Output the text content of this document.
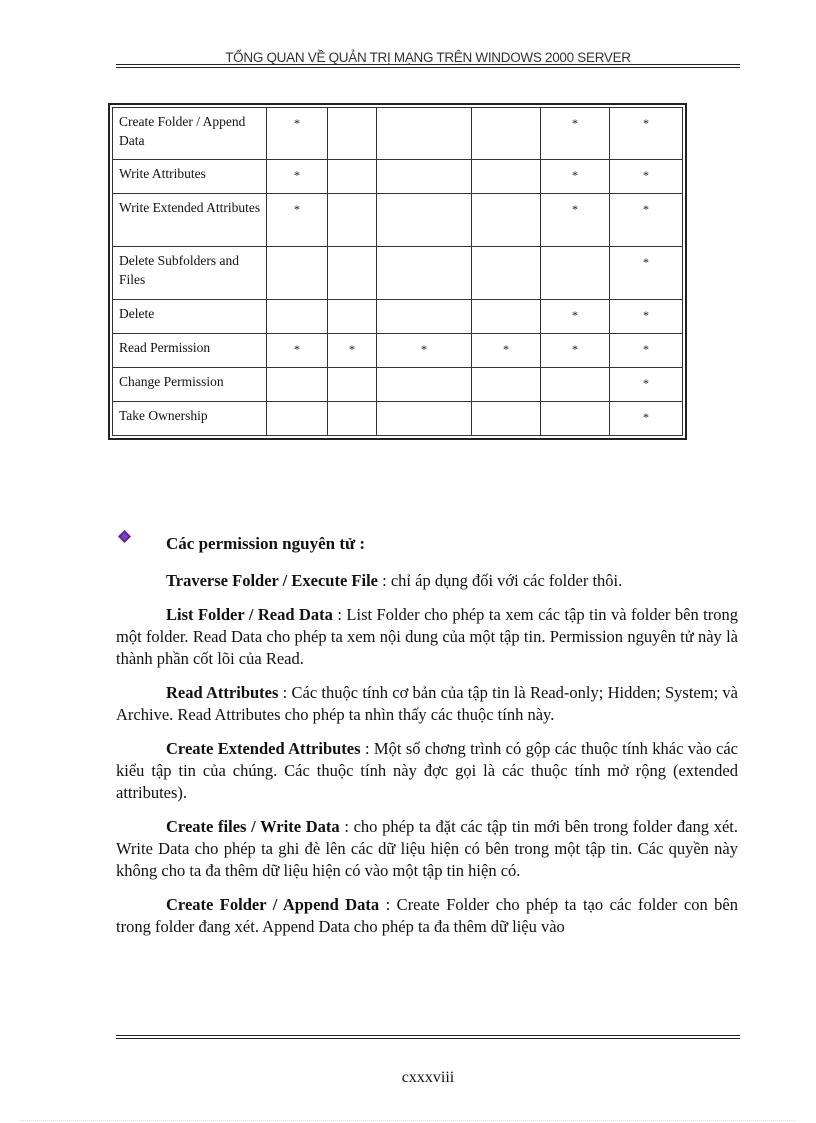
TỔNG QUAN VỀ QUẢN TRỊ MẠNG TRÊN WINDOWS 2000 SERVER
Create Folder / Append Data	*				*	*
Write Attributes	*				*	*
Write Extended Attributes	*				*	*
Delete Subfolders and Files						*
Delete					*	*
Read Permission	*	*	*	*	*	*
Change Permission						*
Take Ownership						*
Các permission nguyên tử :

Traverse Folder / Execute File : chỉ áp dụng đối với các folder thôi.

List Folder / Read Data : List Folder cho phép ta xem các tập tin và folder bên trong một folder. Read Data cho phép ta xem nội dung của một tập tin. Permission nguyên tử này là thành phần cốt lõi của Read.

Read Attributes : Các thuộc tính cơ bản của tập tin là Read-only; Hidden; System; và Archive. Read Attributes cho phép ta nhìn thấy các thuộc tính này.

Create Extended Attributes : Một số chơng trình có gộp các thuộc tính khác vào các kiểu tập tin của chúng. Các thuộc tính này đợc gọi là các thuộc tính mở rộng (extended attributes).

Create files / Write Data : cho phép ta đặt các tập tin mới bên trong folder đang xét. Write Data cho phép ta ghi đè lên các dữ liệu hiện có bên trong một tập tin. Các quyền này không cho ta đa thêm dữ liệu hiện có vào một tập tin hiện có.

Create Folder / Append Data : Create Folder cho phép ta tạo các folder con bên trong folder đang xét. Append Data cho phép ta đa thêm dữ liệu vào

cxxxviii
